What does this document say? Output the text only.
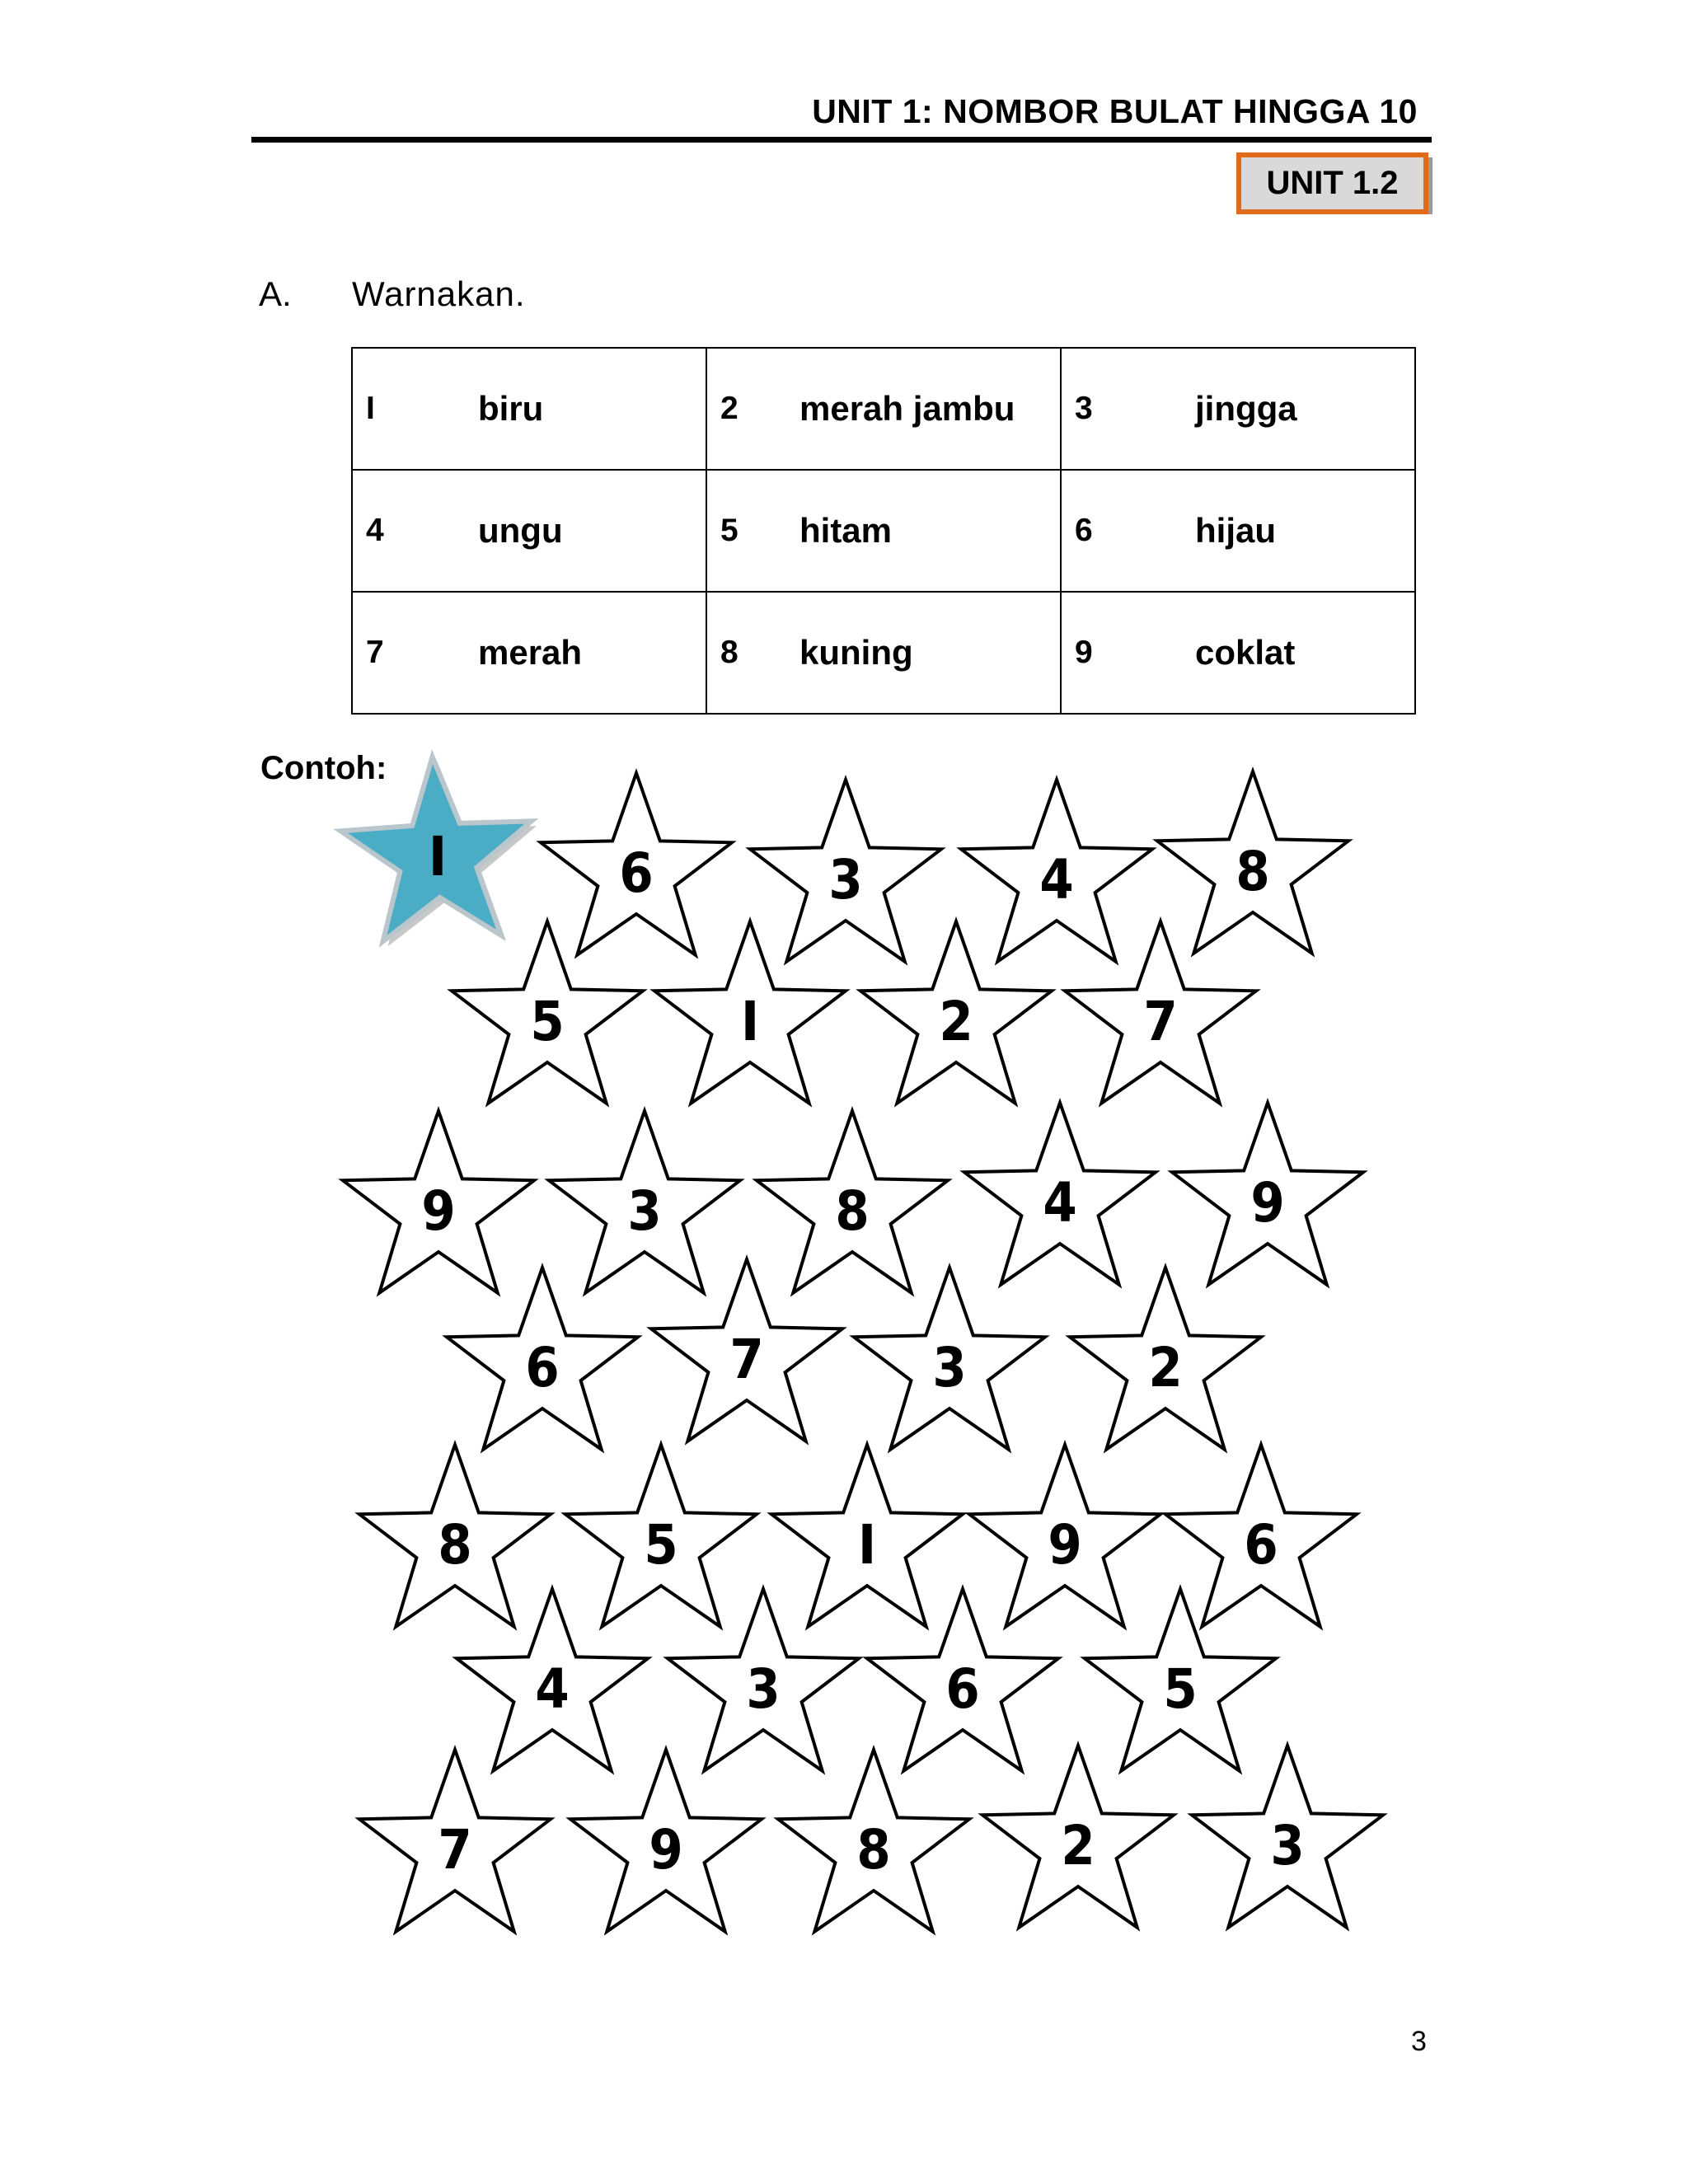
UNIT 1: NOMBOR BULAT HINGGA 10
UNIT 1.2
A. Warnakan.
I biru	2 merah jambu	3 jingga

4 ungu	5 hitam	6 hijau

7 merah	8 kuning	9 coklat
Contoh:
I	6	3	4	8
5	I	2	7
9	3	8	4	9
6	7	3	2
8	5	I	9	6
4	3	6	5
7	9	8	2	3
3
